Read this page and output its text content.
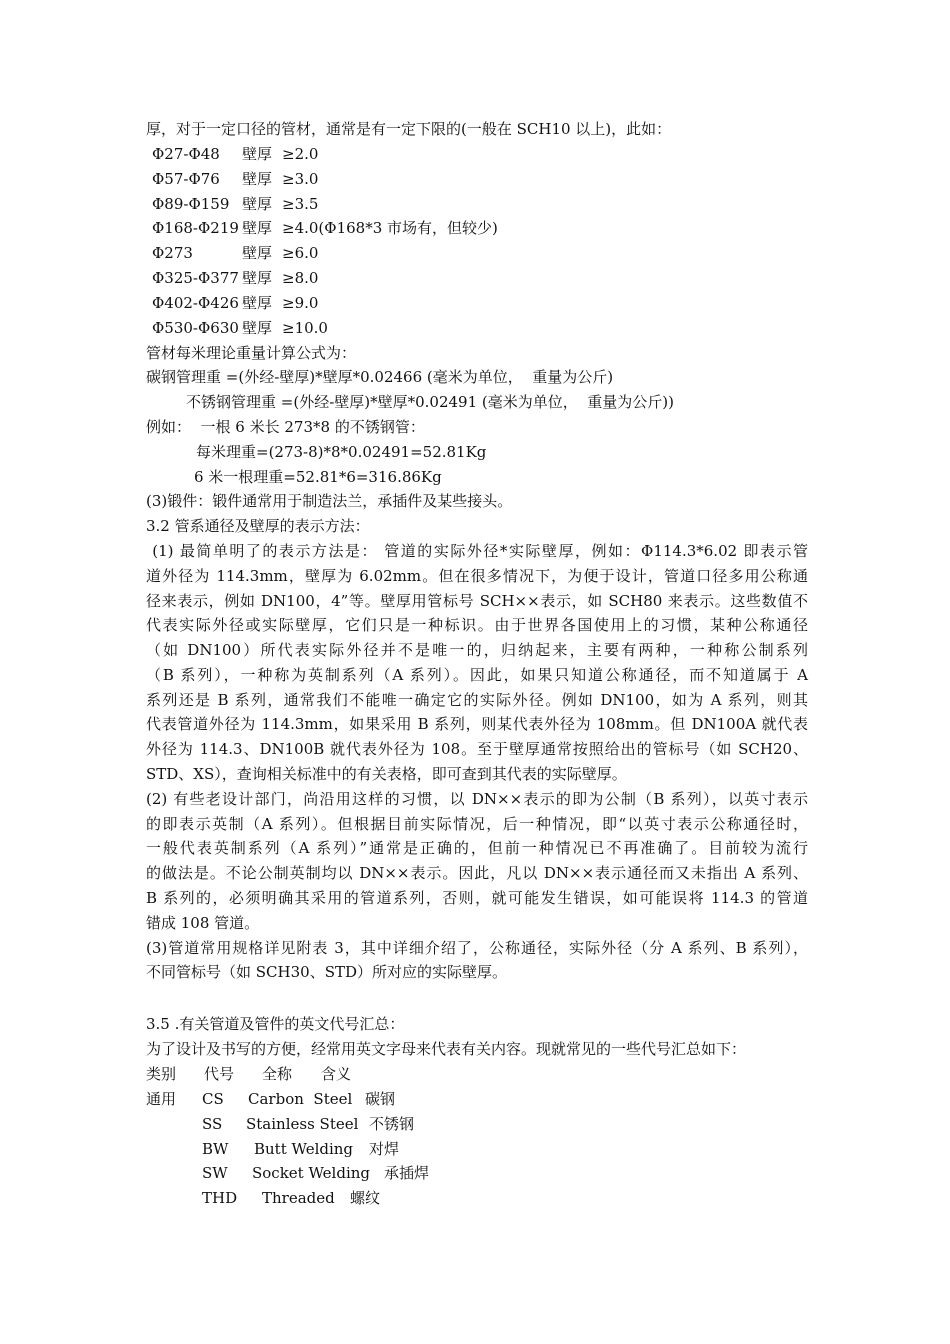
厚，对于一定口径的管材，通常是有一定下限的(一般在 SCH10 以上)，此如：
Φ27-Φ48 壁厚 ≥2.0
Φ57-Φ76 壁厚 ≥3.0
Φ89-Φ159 壁厚 ≥3.5
Φ168-Φ219 壁厚 ≥4.0(Φ168*3 市场有，但较少)
Φ273	壁厚 ≥6.0
Φ325-Φ377 壁厚 ≥8.0
Φ402-Φ426 壁厚 ≥9.0
Φ530-Φ630 壁厚 ≥10.0
管材每米理论重量计算公式为：
碳钢管理重 =(外经-壁厚)*壁厚*0.02466 (毫米为单位，  重量为公斤)
不锈钢管理重 =(外经-壁厚)*壁厚*0.02491 (毫米为单位，  重量为公斤))
例如：  一根 6 米长 273*8 的不锈钢管：
每米理重=(273-8)*8*0.02491=52.81Kg
6 米一根理重=52.81*6=316.86Kg
(3)锻件：锻件通常用于制造法兰，承插件及某些接头。
3.2 管系通径及壁厚的表示方法：
(1) 最简单明了的表示方法是： 管道的实际外径*实际壁厚，例如：Φ114.3*6.02 即表示管
道外径为 114.3mm，壁厚为 6.02mm。但在很多情况下，为便于设计，管道口径多用公称通
径来表示，例如 DN100，4”等。壁厚用管标号 SCH××表示，如 SCH80 来表示。这些数值不
代表实际外径或实际壁厚，它们只是一种标识。由于世界各国使用上的习惯，某种公称通径
（如 DN100）所代表实际外径并不是唯一的，归纳起来，主要有两种，一种称公制系列
（B 系列），一种称为英制系列（A 系列）。因此，如果只知道公称通径，而不知道属于 A
系列还是 B 系列，通常我们不能唯一确定它的实际外径。例如 DN100，如为 A 系列，则其
代表管道外径为 114.3mm，如果采用 B 系列，则某代表外径为 108mm。但 DN100A 就代表
外径为 114.3、DN100B 就代表外径为 108。至于壁厚通常按照给出的管标号（如 SCH20、
STD、XS），查询相关标准中的有关表格，即可查到其代表的实际壁厚。
(2) 有些老设计部门，尚沿用这样的习惯，以 DN××表示的即为公制（B 系列），以英寸表示
的即表示英制（A 系列）。但根据目前实际情况，后一种情况，即“以英寸表示公称通径时，
一般代表英制系列（A 系列）”通常是正确的，但前一种情况已不再准确了。目前较为流行
的做法是。不论公制英制均以 DN××表示。因此，凡以 DN××表示通径而又未指出 A 系列、
B 系列的，必须明确其采用的管道系列，否则，就可能发生错误，如可能误将 114.3 的管道
错成 108 管道。
(3)管道常用规格详见附表 3，其中详细介绍了，公称通径，实际外径（分 A 系列、B 系列），
不同管标号（如 SCH30、STD）所对应的实际壁厚。
3.5 .有关管道及管件的英文代号汇总：
为了设计及书写的方便，经常用英文字母来代表有关内容。现就常见的一些代号汇总如下：
类别 代号 全称 含义
通用 CS Carbon  Steel 碳钢
SS Stainless Steel 不锈钢
BW Butt Welding 对焊
SW Socket Welding 承插焊
THD Threaded 螺纹
